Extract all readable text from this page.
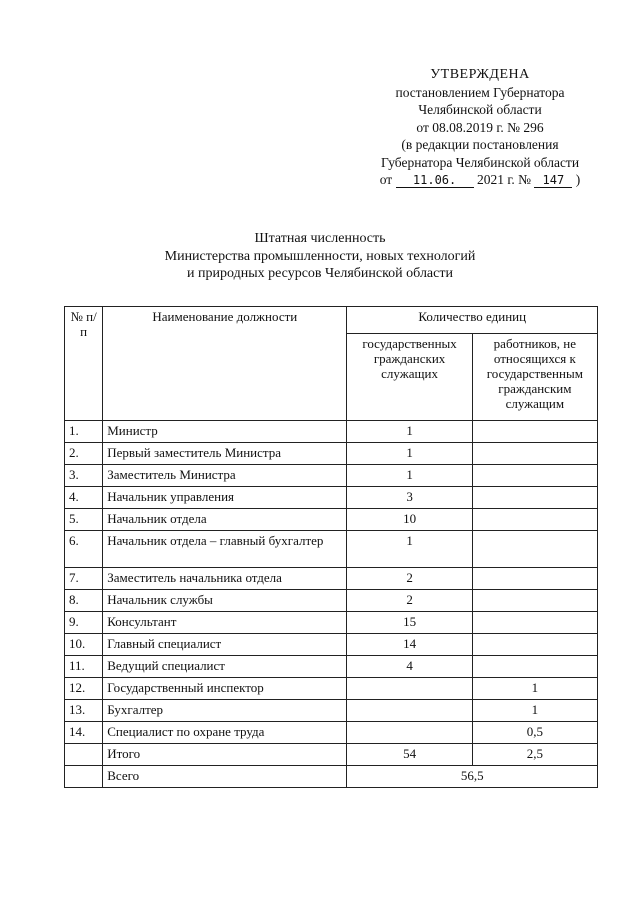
УТВЕРЖДЕНА
постановлением Губернатора
Челябинской области
от 08.08.2019 г. № 296
(в редакции постановления
Губернатора Челябинской области
от 11.06. 2021 г. № 147 )
Штатная численность
Министерства промышленности, новых технологий
и природных ресурсов Челябинской области
№ п/п	Наименование должности	Количество единиц	
		государственных гражданских служащих	работников, не относящихся к государственным гражданским служащим
1.	Министр	1	
2.	Первый заместитель Министра	1	
3.	Заместитель Министра	1	
4.	Начальник управления	3	
5.	Начальник отдела	10	
6.	Начальник отдела – главный бухгалтер	1	
7.	Заместитель начальника отдела	2	
8.	Начальник службы	2	
9.	Консультант	15	
10.	Главный специалист	14	
11.	Ведущий специалист	4	
12.	Государственный инспектор		1
13.	Бухгалтер		1
14.	Специалист по охране труда		0,5
	Итого	54	2,5
	Всего	56,5	
